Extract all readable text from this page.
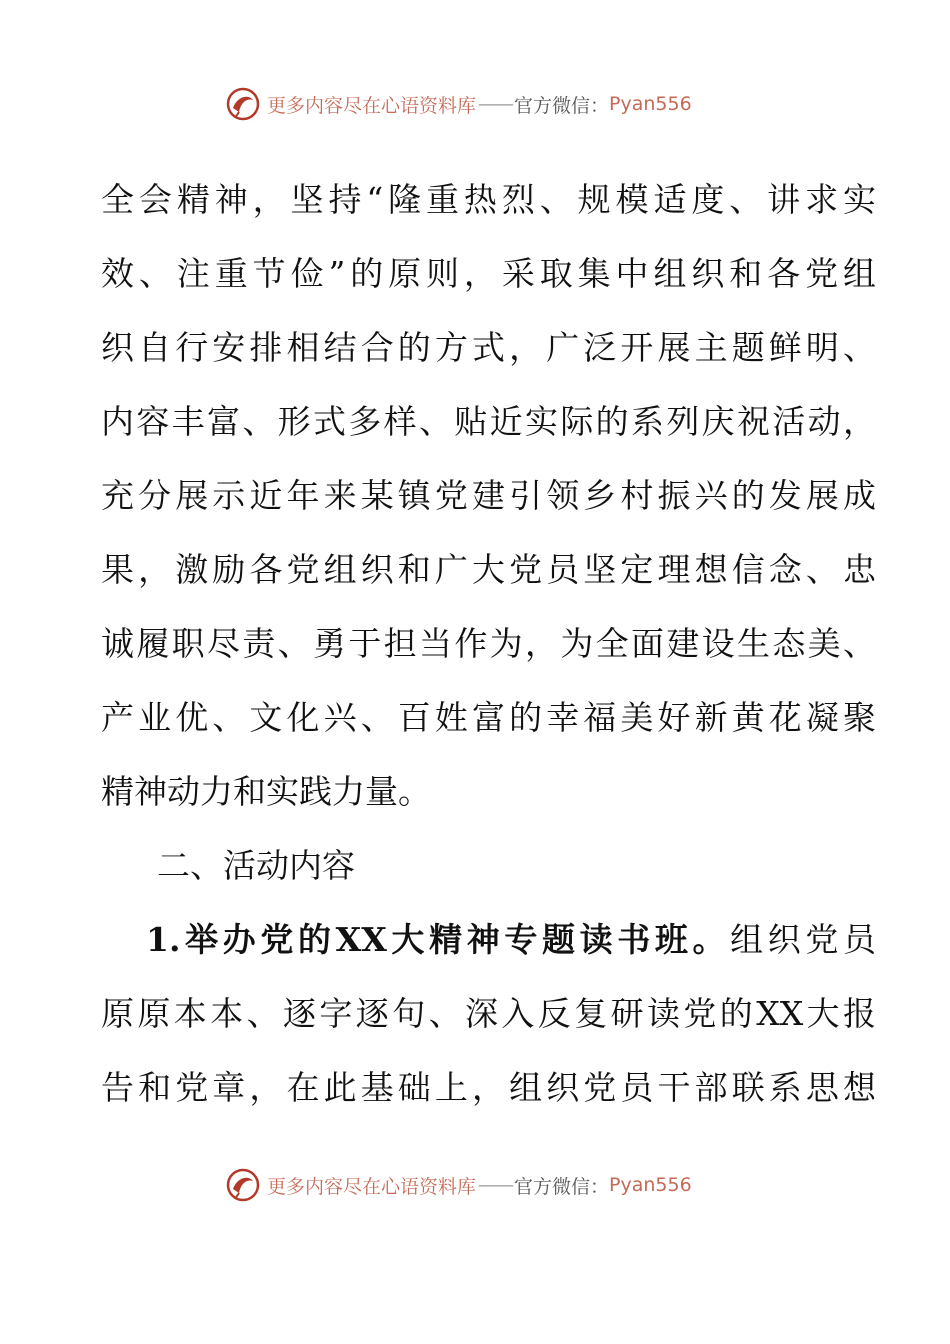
更多内容尽在心语资料库 —— 官方微信： Pyan556
全会精神，坚持“隆重热烈、规模适度、讲求实
效、注重节俭”的原则，采取集中组织和各党组
织自行安排相结合的方式，广泛开展主题鲜明、
内容丰富、形式多样、贴近实际的系列庆祝活动，
充分展示近年来某镇党建引领乡村振兴的发展成
果，激励各党组织和广大党员坚定理想信念、忠
诚履职尽责、勇于担当作为，为全面建设生态美、
产业优、文化兴、百姓富的幸福美好新黄花凝聚
精神动力和实践力量。
二、活动内容
1.举办党的XX大精神专题读书班。组织党员
原原本本、逐字逐句、深入反复研读党的XX大报
告和党章，在此基础上，组织党员干部联系思想
更多内容尽在心语资料库 —— 官方微信： Pyan556
